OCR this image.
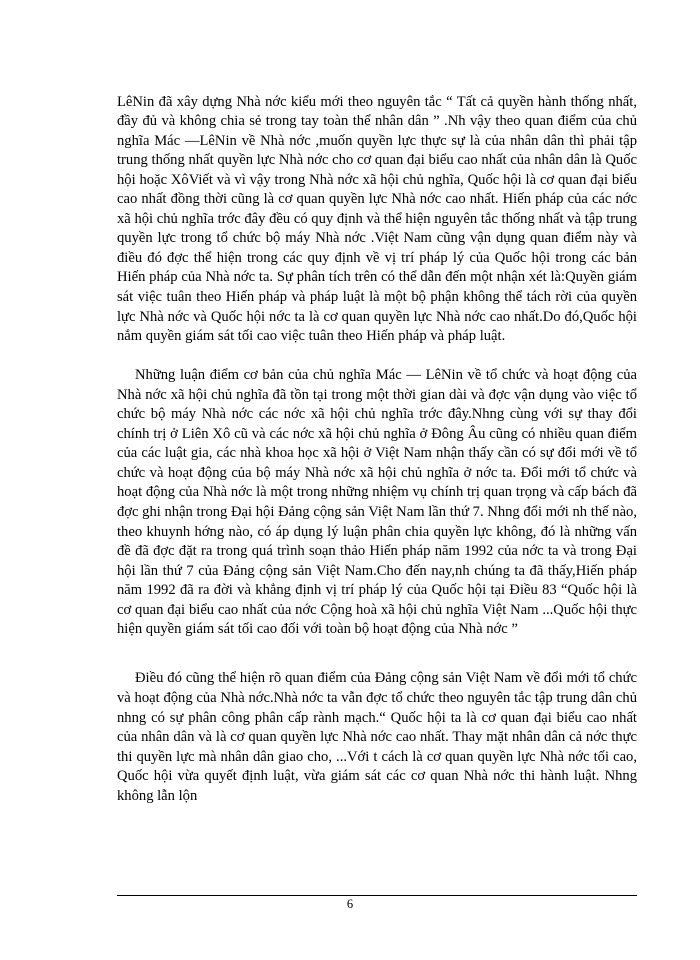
LêNin đã xây dựng Nhà nớc kiểu mới theo nguyên tắc “ Tất cả quyền hành thống nhất, đầy đủ và không chia sẻ trong tay toàn thể nhân dân ” .Nh vậy theo quan điểm của chủ nghĩa Mác —LêNin về Nhà nớc ,muốn quyền lực thực sự là của nhân dân thì phải tập trung thống nhất quyền lực Nhà nớc cho cơ quan đại biểu cao nhất của nhân dân là Quốc hội hoặc XôViết và vì vậy trong Nhà nớc xã hội chủ nghĩa, Quốc hội là cơ quan đại biểu cao nhất đồng thời cũng là cơ quan quyền lực Nhà nớc cao nhất. Hiến pháp của các nớc xã hội chủ nghĩa trớc đây đều có quy định và thể hiện nguyên tắc thống nhất và tập trung quyền lực trong tổ chức bộ máy Nhà nớc .Việt Nam cũng vận dụng quan điểm này và điều đó đợc thể hiện trong các quy định về vị trí pháp lý của Quốc hội trong các bản Hiến pháp của Nhà nớc ta. Sự phân tích trên có thể dẫn đến một nhận xét là:Quyền giám sát việc tuân theo Hiến pháp và pháp luật là một bộ phận không thể tách rời của quyền lực Nhà nớc và Quốc hội nớc ta là cơ quan quyền lực Nhà nớc cao nhất.Do đó,Quốc hội nắm quyền giám sát tối cao việc tuân theo Hiến pháp và pháp luật.

Những luận điểm cơ bản của chủ nghĩa Mác — LêNin về tổ chức và hoạt động của Nhà nớc xã hội chủ nghĩa đã tồn tại trong một thời gian dài và đợc vận dụng vào việc tổ chức bộ máy Nhà nớc các nớc xã hội chủ nghĩa trớc đây.Nhng cùng với sự thay đổi chính trị ở Liên Xô cũ và các nớc xã hội chủ nghĩa ở Đông Âu cũng có nhiều quan điểm của các luật gia, các nhà khoa học xã hội ở Việt Nam nhận thấy cần có sự đổi mới về tổ chức và hoạt động của bộ máy Nhà nớc xã hội chủ nghĩa ở nớc ta. Đổi mới tổ chức và hoạt động của Nhà nớc là một trong những nhiệm vụ chính trị quan trọng và cấp bách đã đợc ghi nhận trong Đại hội Đảng cộng sản Việt Nam lần thứ 7. Nhng đổi mới nh thế nào, theo khuynh hớng nào, có áp dụng lý luận phân chia quyền lực không, đó là những vấn đề đã đợc đặt ra trong quá trình soạn thảo Hiến pháp năm 1992 của nớc ta và trong Đại hội lần thứ 7 của Đảng cộng sản Việt Nam.Cho đến nay,nh chúng ta đã thấy,Hiến pháp năm 1992 đã ra đời và khẳng định vị trí pháp lý của Quốc hội tại Điều 83 “Quốc hội là cơ quan đại biểu cao nhất của nớc Cộng hoà xã hội chủ nghĩa Việt Nam ...Quốc hội thực hiện quyền giám sát tối cao đối với toàn bộ hoạt động của Nhà nớc ”

Điều đó cũng thể hiện rõ quan điểm của Đảng cộng sản Việt Nam về đổi mới tổ chức và hoạt động của Nhà nớc.Nhà nớc ta vẫn đợc tổ chức theo nguyên tắc tập trung dân chủ nhng có sự phân công phân cấp rành mạch.“ Quốc hội ta là cơ quan đại biểu cao nhất của nhân dân và là cơ quan quyền lực Nhà nớc cao nhất. Thay mặt nhân dân cả nớc thực thi quyền lực mà nhân dân giao cho, ...Với t cách là cơ quan quyền lực Nhà nớc tối cao, Quốc hội vừa quyết định luật, vừa giám sát các cơ quan Nhà nớc thi hành luật. Nhng không lẫn lộn

6
